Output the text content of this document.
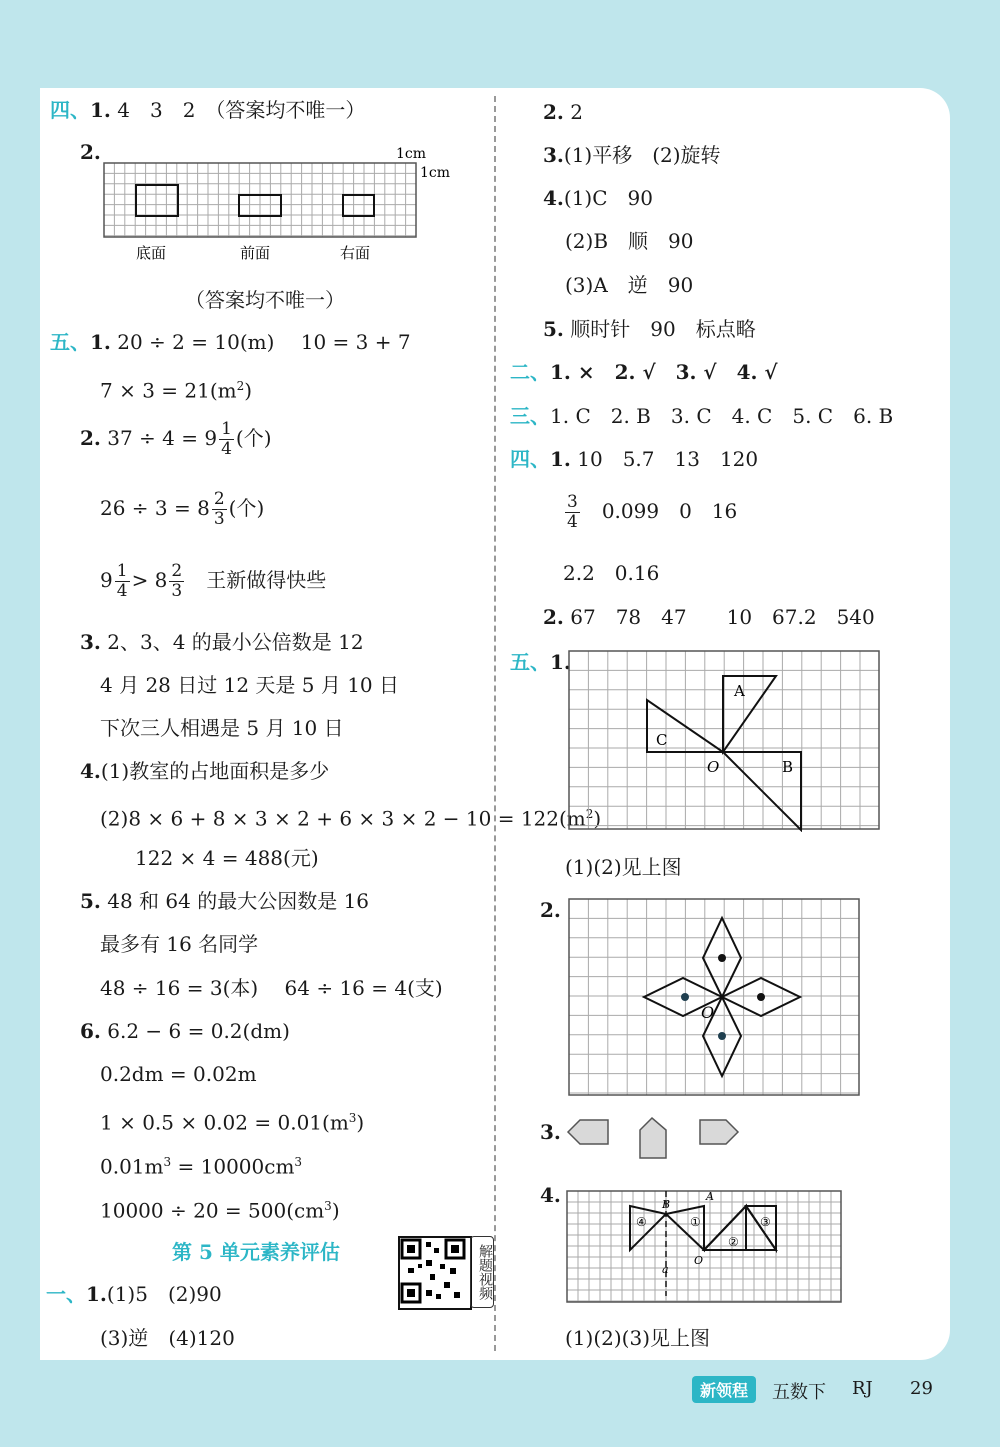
四、1. 4　3　2　（答案均不唯一）
2.	1cm
1cm
底面	前面	右面
（答案均不唯一）
五、1. 20 ÷ 2 = 10(m)　 10 = 3 + 7
$7 \times 3 = 21(m^2)$
2. $37 \div 4 = 9 \frac{1}{4}$ (个)
$26 \div 3 = 8 \frac{2}{3}$ (个)
$9 \frac{1}{4} > 8 \frac{2}{3}$ 　王新做得快些
3. 2、3、4 的最小公倍数是 12
4 月 28 日过 12 天是 5 月 10 日
下次三人相遇是 5 月 10 日
4.(1)教室的占地面积是多少
$(2)8 \times 6 + 8 \times 3 \times 2 + 6 \times 3 \times 2 - 10 = 122(m^2)$
122 × 4 = 488(元)
5. 48 和 64 的最大公因数是 16
最多有 16 名同学
48 ÷ 16 = 3(本)　 64 ÷ 16 = 4(支)
6. 6.2 − 6 = 0.2(dm)
0.2dm = 0.02m
$1 \times 0.5 \times 0.02 = 0.01(m^3)$
$0.01m^3 = 10000cm^3$
$10000 \div 20 = 500(cm^3)$
第 5 单元素养评估	解题视频
一、1.(1)5　(2)90
(3)逆　(4)120
2. 2
3.(1)平移　(2)旋转
4.(1)C　90
(2)B　顺　90
(3)A　逆　90
5. 顺时针　90　标点略
二、1. ×　2. √　3. √　4. √
三、1. C　2. B　3. C　4. C　5. C　6. B
四、1. 10　5.7　13　120
$\frac{3}{4}$ 　0.099　0　16
2.2　0.16
2. 67　78　47　　10　67.2　540
五、1.
A
B
C
O
(1)(2)见上图
2.
O
3.
4.	B
A
O
a
①
②
③
④
(1)(2)(3)见上图
新领程	五数下 RJ 29
